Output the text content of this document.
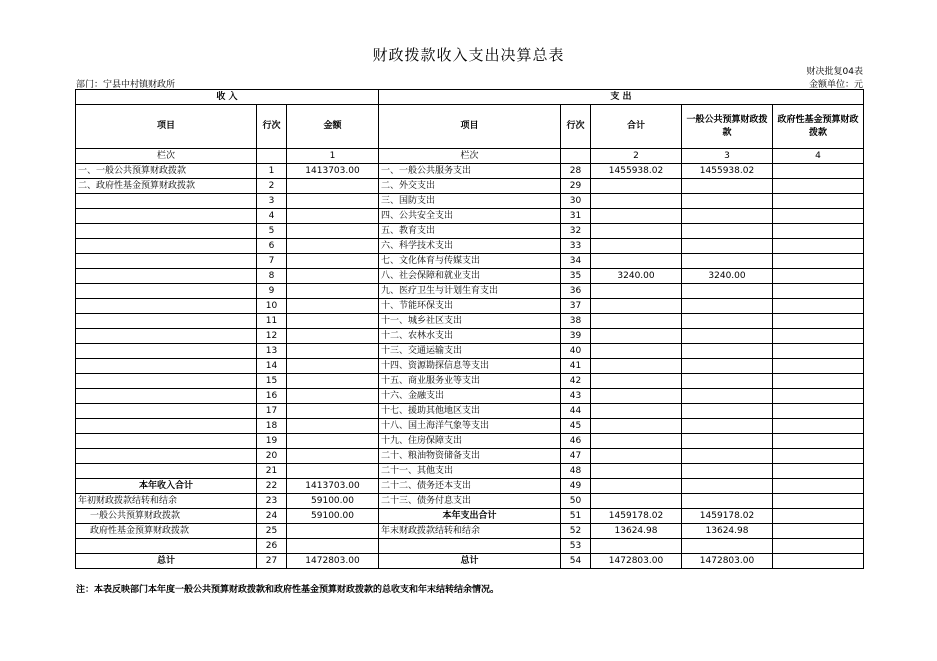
财政拨款收入支出决算总表
财决批复04表
金额单位：元
部门：宁县中村镇财政所
收 入			支 出				
项目	行次	金额	项目	行次	合计	一般公共预算财政拨款	政府性基金预算财政拨款
栏次		1	栏次		2	3	4
一、一般公共预算财政拨款	1	1413703.00	一、一般公共服务支出	28	1455938.02	1455938.02	
二、政府性基金预算财政拨款	2		二、外交支出	29			
	3		三、国防支出	30			
	4		四、公共安全支出	31			
	5		五、教育支出	32			
	6		六、科学技术支出	33			
	7		七、文化体育与传媒支出	34			
	8		八、社会保障和就业支出	35	3240.00	3240.00	
	9		九、医疗卫生与计划生育支出	36			
	10		十、节能环保支出	37			
	11		十一、城乡社区支出	38			
	12		十二、农林水支出	39			
	13		十三、交通运输支出	40			
	14		十四、资源勘探信息等支出	41			
	15		十五、商业服务业等支出	42			
	16		十六、金融支出	43			
	17		十七、援助其他地区支出	44			
	18		十八、国土海洋气象等支出	45			
	19		十九、住房保障支出	46			
	20		二十、粮油物资储备支出	47			
	21		二十一、其他支出	48			
本年收入合计	22	1413703.00	二十二、债务还本支出	49			
年初财政拨款结转和结余	23	59100.00	二十三、债务付息支出	50			
一般公共预算财政拨款	24	59100.00	本年支出合计	51	1459178.02	1459178.02	
政府性基金预算财政拨款	25		年末财政拨款结转和结余	52	13624.98	13624.98	
	26			53			
总计	27	1472803.00	总计	54	1472803.00	1472803.00	
注：本表反映部门本年度一般公共预算财政拨款和政府性基金预算财政拨款的总收支和年末结转结余情况。
